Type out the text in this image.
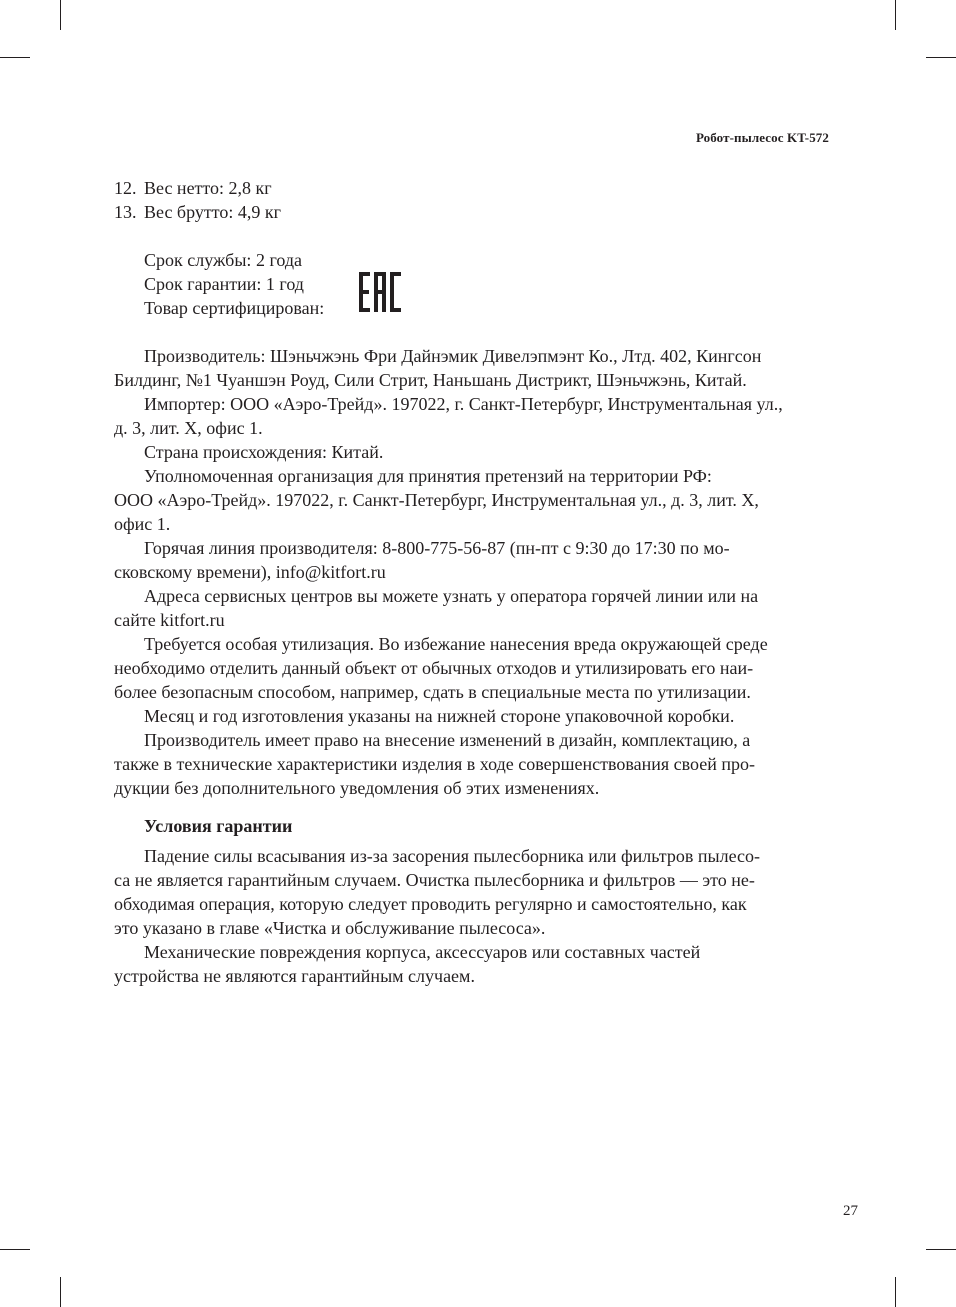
Робот-пылесос KT-572

12. Вес нетто: 2,8 кг

13. Вес брутто: 4,9 кг

Срок службы: 2 года

Срок гарантии: 1 год

Товар сертифицирован:

Производитель: Шэньчжэнь Фри Дайнэмик Дивелэпмэнт Ко., Лтд. 402, Кингсон
Билдинг, №1 Чуаншэн Роуд, Сили Стрит, Наньшань Дистрикт, Шэньчжэнь, Китай.

Импортер: ООО «Аэро-Трейд». 197022, г. Санкт-Петербург, Инструментальная ул.,
д. 3, лит. Х, офис 1.

Страна происхождения: Китай.

Уполномоченная организация для принятия претензий на территории РФ:
ООО «Аэро-Трейд». 197022, г. Санкт-Петербург, Инструментальная ул., д. 3, лит. Х,
офис 1.

Горячая линия производителя: 8-800-775-56-87 (пн-пт с 9:30 до 17:30 по мо-
сковскому времени), info@kitfort.ru

Адреса сервисных центров вы можете узнать у оператора горячей линии или на
сайте kitfort.ru

Требуется особая утилизация. Во избежание нанесения вреда окружающей среде
необходимо отделить данный объект от обычных отходов и утилизировать его наи-
более безопасным способом, например, сдать в специальные места по утилизации.

Месяц и год изготовления указаны на нижней стороне упаковочной коробки.

Производитель имеет право на внесение изменений в дизайн, комплектацию, а
также в технические характеристики изделия в ходе совершенствования своей про-
дукции без дополнительного уведомления об этих изменениях.

Условия гарантии

Падение силы всасывания из-за засорения пылесборника или фильтров пылесо-
са не является гарантийным случаем. Очистка пылесборника и фильтров — это не-
обходимая операция, которую следует проводить регулярно и самостоятельно, как
это указано в главе «Чистка и обслуживание пылесоса».

Механические повреждения корпуса, аксессуаров или составных частей
устройства не являются гарантийным случаем.

27
